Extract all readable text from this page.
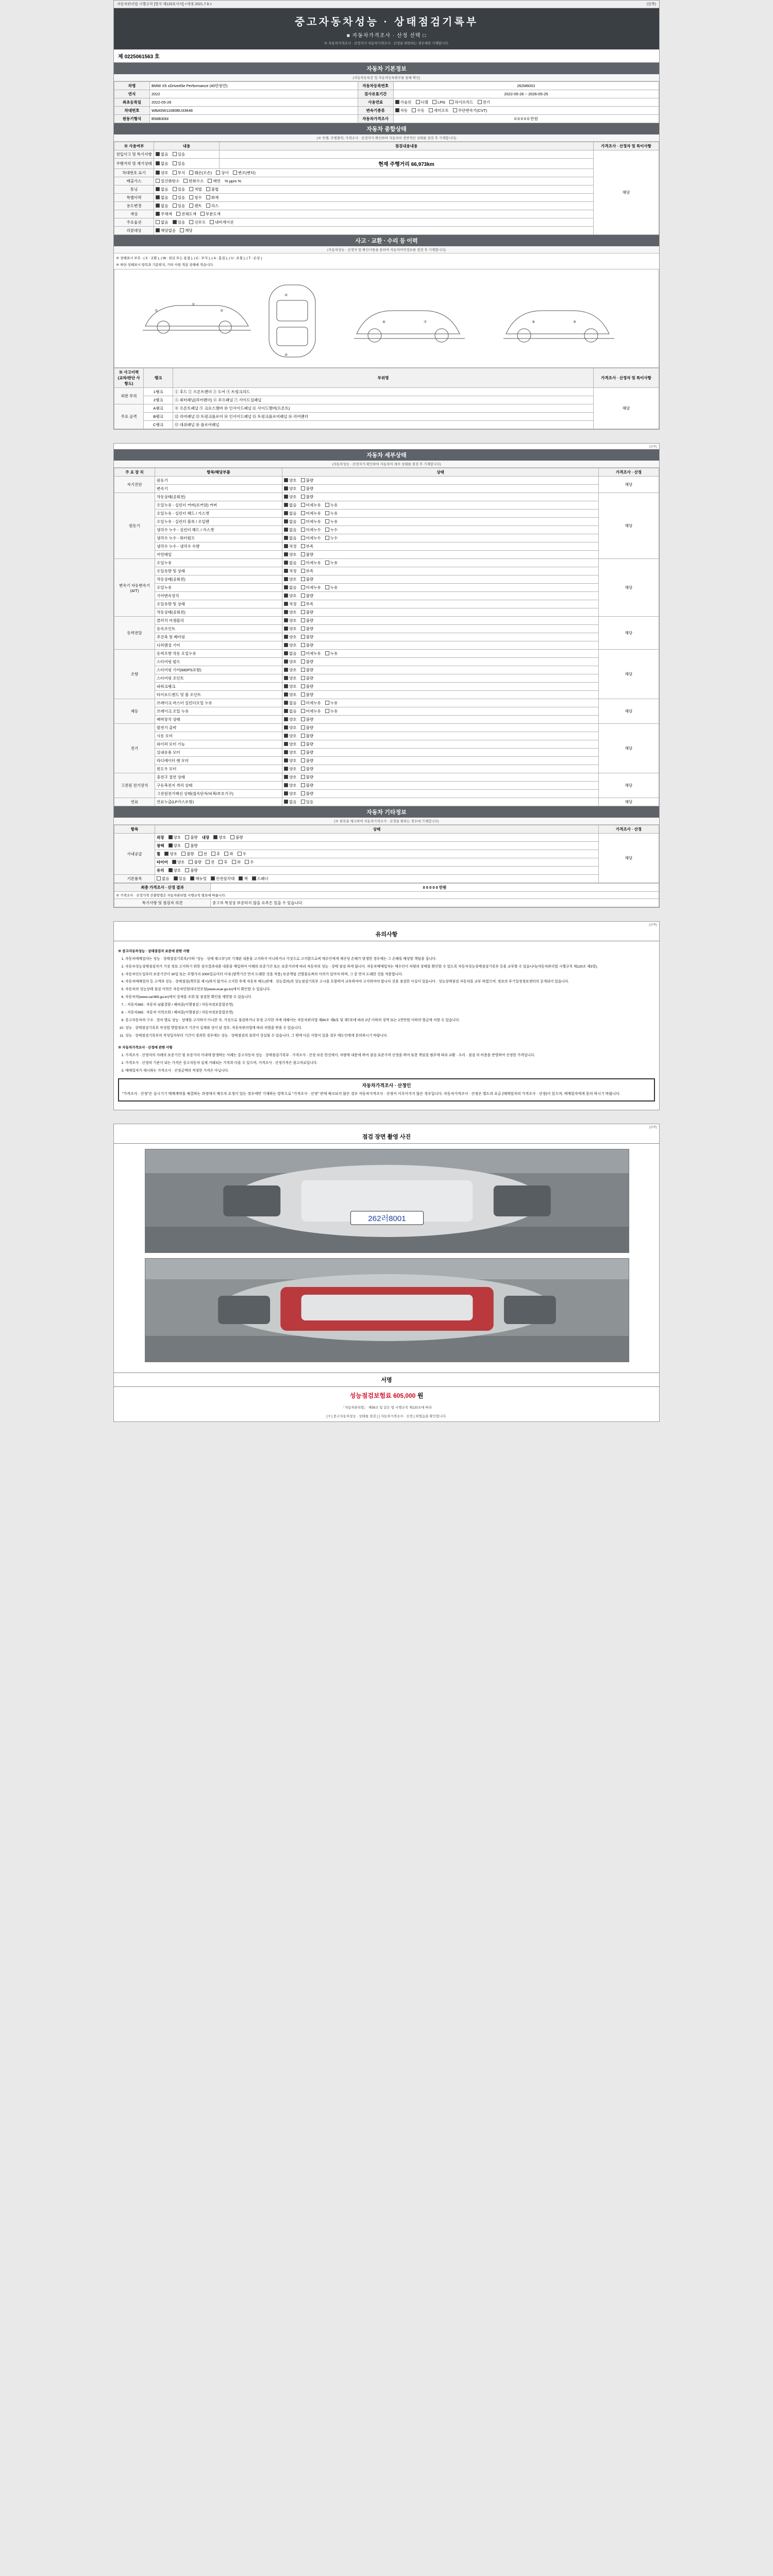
자동차관리법 시행규칙 [별지 제120호서식] <개정 2021.7.6.>	(앞쪽)
중고자동차성능 · 상태점검기록부
■ 자동차가격조사 · 산정 선택 □
※ 자동차가격조사 · 산정자가 자동차가격조사 · 산정을 희망하는 경우에만 기재합니다.
제 0225061563 호
자동차 기본정보
(자동차등록증 및 자동차등록원부를 통해 확인)
차명	BMW X5 xDrive45e Performance (40만원만)	자동차등록번호	262M6001
연식	2022	검사유효기간	2022-05-26 ~ 2026-05-25
최초등록일	2022-05-26	사용연료	가솔린 디젤 LPG 하이브리드 전기
차대번호	WBA5W11080BU33648	변속기종류	자동 수동 세미오토 무단변속기(CVT)
원동기형식	B58B30M	자동차가격조사	0 0 0 0 0 만원
자동차 종합상태
(※ 주행, 주행출력, 가격조사 · 산정자가 확인하여 자동차의 전반적인 상태를 점검 후 기재합니다)
※ 사용여부	내용	점검내용내용	가격조사 · 산정자 및 특이사항
전입사고 및 특기사항	없음 있음		해당
주행거리 및 계기상태	없음 있음	현재 주행거리 66,973km	
차대번호 표기	양호 부식 훼손(오손) 상이 변조(변타)		
배출가스	일산화탄소 탄화수소 매연 % ppm %		
튜닝	없음 있음 적법 불법		
특별이력	없음 있음 침수 화재		
용도변경	없음 있음 렌트 리스		
색상	무채색 전체도색 부분도색		
주요옵션	없음 있음 선루프 내비게이션		
리콜대상	해당없음 해당		
사고 · 교환 · 수리 등 이력
(자동차성능 · 산정자 및 확인사항을 통하여 자동차이력정보를 점검 후 기재합니다)
※ 상태표시 부호 : ( X : 교환 ), ( W : 판금 또는 용접 ), ( C : 부식 ), ( A : 흠집 ), ( U : 요철 ), ( T : 손상 )
※ 하단 상태표시 항목과 기준위치, 기타 사항 적용 상태에 적습니다.
①
②
③
④
⑤
⑥	⑦	⑧	⑨
※ 사고이력 (교차/판단 사항도)	랭크	부위명	가격조사 · 산정자 및 특이사항
외판 부위	1랭크	① 후드 ② 프론트펜더 ③ 도어 ④ 트렁크리드	해당
	2랭크	⑤ 쿼터패널(리어펜더) ⑥ 루프패널 ⑦ 사이드실패널	
주요 골격	A랭크	⑧ 프론트패널 ⑨ 크로스멤버 ⑩ 인사이드패널 ⑪ 사이드멤버(프론트)	
	B랭크	⑫ 리어패널 ⑬ 트렁크플로어 ⑭ 인사이드패널 ⑮ 트렁크플로어패널 ⑯ 리어펜더	
	C랭크	⑰ 대쉬패널 ⑱ 플로어패널	
(앞쪽)
자동차 세부상태
(자동차성능 · 산정자가 확인하여 자동차의 세부 상태를 점검 후 기재합니다)
주 요 장 치	항목/해당부품	상태	가격조사 · 산정
자기진단	원동기	양호 불량	해당
	변속기	양호 불량	
원동기	작동상태(공회전)	양호 불량	해당
	오일누유 - 실린더 커버(로커암) 커버	없음 미세누유 누유	
	오일누유 - 실린더 헤드 / 가스켓	없음 미세누유 누유	
	오일누유 - 실린더 블록 / 오일팬	없음 미세누유 누유	
	냉각수 누수 - 실린더 헤드 / 가스켓	없음 미세누수 누수	
	냉각수 누수 - 워터펌프	없음 미세누수 누수	
	냉각수 누수 - 냉각수 수량	적정 부족	
	커먼레일	양호 불량	
변속기 자동변속기 (A/T)	오일누유	없음 미세누유 누유	해당
	오일유량 및 상태	적정 부족	
	작동상태(공회전)	양호 불량	
	오일누유	없음 미세누유 누유	
	기어변속장치	양호 불량	
	오일유량 및 상태	적정 부족	
	작동상태(공회전)	양호 불량	
동력전달	클러치 어셈블리	양호 불량	해당
	등속조인트	양호 불량	
	추진축 및 베어링	양호 불량	
	디퍼렌셜 기어	양호 불량	
조향	동력조향 작동 오일누유	없음 미세누유 누유	해당
	스티어링 펌프	양호 불량	
	스티어링 기어(MDPS포함)	양호 불량	
	스티어링 조인트	양호 불량	
	파워크랭크	양호 불량	
	타이로드엔드 및 볼 조인트	양호 불량	
제동	브레이크 마스터 실린더오일 누유	없음 미세누유 누유	해당
	브레이크 오일 누유	없음 미세누유 누유	
	배력장치 상태	양호 불량	
전기	발전기 출력	양호 불량	해당
	시동 모터	양호 불량	
	와이퍼 모터 기능	양호 불량	
	실내송풍 모터	양호 불량	
	라디에이터 팬 모터	양호 불량	
	윈도우 모터	양호 불량	
고전원 전기장치	충전구 절연 상태	양호 불량	해당
	구동축전지 격리 상태	양호 불량	
	고전원전기배선 상태(접속단자/피복/보호기구)	양호 불량	
연료	연료누출(LP가스포함)	없음 있음	해당
자동차 기타정보
(※ 항목을 체크하여 자동차가격조사 · 산정을 원하는 경우에 기재합니다)
항목	상태	가격조사 · 산정
사내공급	외장 양호 불량 내장 양호 불량	해당
	광택 양호 불량	
	휠 양호 불량 전 후 좌 우	
	타이어 양호 불량 전 후 좌 우	
	유리 양호 불량	
기본품목	없음 있음 매뉴얼 안전삼각대 잭 스패너	
최종 가격조사 · 산정 결과	0 0 0 0 0 만원
※ 가격조사 · 산정가격 산출방법은 자동차관리법 시행규칙 별표에 따릅니다.	
특기사항 및 점검자 의견	중고차 특성상 보증하지 않을 요부은 있을 수 있습니다.
(뒤쪽)
유의사항
※ 중고자동차성능 · 상태점검자 보증에 관한 사항
1. 자동차매매업자는 성능 · 상태점검기록부(이하 "성능 · 상태 체크부")의 기재된 내용을 고지하지 아니하거나 거짓으로 고지함으로써 매수인에게 재산상 손해가 발생한 경우에는 그 손해를 배상할 책임을 집니다.
2. 자동차성능상태점검자가 거짓 정보 고지하기 위한 검사결과내용 내용을 매입하여 이해의 보증기간 또는 보증거리에 따라 자동차의 성능 · 상태 점검 하게 됩니다. 자동차매매업자는 매수인이 차량의 상태를 확인할 수 있도록 자동차성능상태점검기록부 등을 교부할 수 있습니다(자동차관리법 시행규칙 제120조 제3항).
3. 자동차인도일부터 보증기간이 30일 또는 주행거리 2000킬로미터 이내 (양쪽기간 먼저 도래한 것을 적용) 보증책임 건별불로써의 이의가 있어야 하며, 그 중 먼저 도래한 것을 적용합니다.
4. 자동차매매업자 등 고객과 성능 · 상태점검(책무를 제시)하지 않거나 고지한 후에 자동차 매도(판매 · 성능결과)의 성능점검기록부 고시을 포함하여 교부하여야 고지하여야 합니다 것을 점검한 사실이 있습니다 · 성능상태점검 자동차를 교부 하였으며, 정보의 부기일정정보센터의 공개되어 있습니다.
5. 자동차의 성능상태 점검 이력은 자동차민원대국민포털(www.ecar.go.kr)에서 확인할 수 있습니다.
6. 자동차의(www.car365.go.kr)에서 상세를 조회 및 점검한 확인을 제한할 수 있습니다.
7. - 자동차365 : 자동차 남품결함 / 해피콜(이행점검 / 자동차정보통합운영)
8. - 자동차365 : 자동차 이력조회 / 해피콜(이행점검 / 자동차정보통합운영)
9. 중고자동차의 구조 · 장치 별로 성능 · 상태를 고지하지 아니한 자, 거짓으로 점검하거나 부정 고지한 자에 대해서는 자동차관리법 제80조 제6호 및 제7호에 따라 2년 이하의 징역 또는 2천만원 이하의 벌금에 처할 수 있습니다.
10. 성능 · 상태점검기록부 작성법 방법정보가 기간이 실제와 상이 된 경우, 자동차관리법에 따라 처벌을 받을 수 있습니다.
11. 성능 · 상태점검기록부의 작성일자부터 기간이 경과한 경우에는 성능 · 상태점검의 효력이 상실될 수 있습니다. 그 밖에 다른 사항이 있을 경우 매도인에게 문의하시기 바랍니다.
※ 자동차가격조사 · 산정에 관한 사항
1. 가격조사 · 산정자의 사례의 보증기간 및 보증거리 이내에 발생하는 사례는 중고자동차 성능 · 상태점검기록부 · 가격조사 · 산정 보증 한것에서, 차량에 내용에 하여 점검 표준가격 산정을 하여 또한 책임질 범주에 따라 교환 · 수리 · 점검 의 비용을 반영하여 산정한 가격입니다.
2. 가격조사 · 산정의 기준이 되는 가격은 중고자동차 실제 거래되는 가격과 다를 수 있으며, 가격조사 · 산정가격은 참고자료입니다.
3. 매매업자가 제시하는 가격조사 · 산정금액의 적정한 가격은 아닙니다.
자동차가격조사 · 산정인
"가격조사 · 산정"은 실시기기 매매계약을 체결하는 과정에서 매수자 요청이 있는 경우에만 기재하는 항목으로 "가격조사 · 산정" 란에 체크되지 않은 경우 자동차가격조사 · 산정이 이루어지지 않은 경우입니다. 자동차가격조사 · 산정은 별도의 요금 (매매업자의 가격조사 · 산정)이 있으며, 매매업자에게 문의 하시기 바랍니다.
(뒤쪽)
점검 장면 촬영 사진
262러8001
서명
성능점검보험료 605,000 원
「자동차관리법」 제58조 및 같은 법 시행규칙 제120조에 따라
[ Y ] 중고자동차성능 · 상태를 점검 [ ] 자동차가격조사 · 산정 ] 하였음을 확인합니다.
